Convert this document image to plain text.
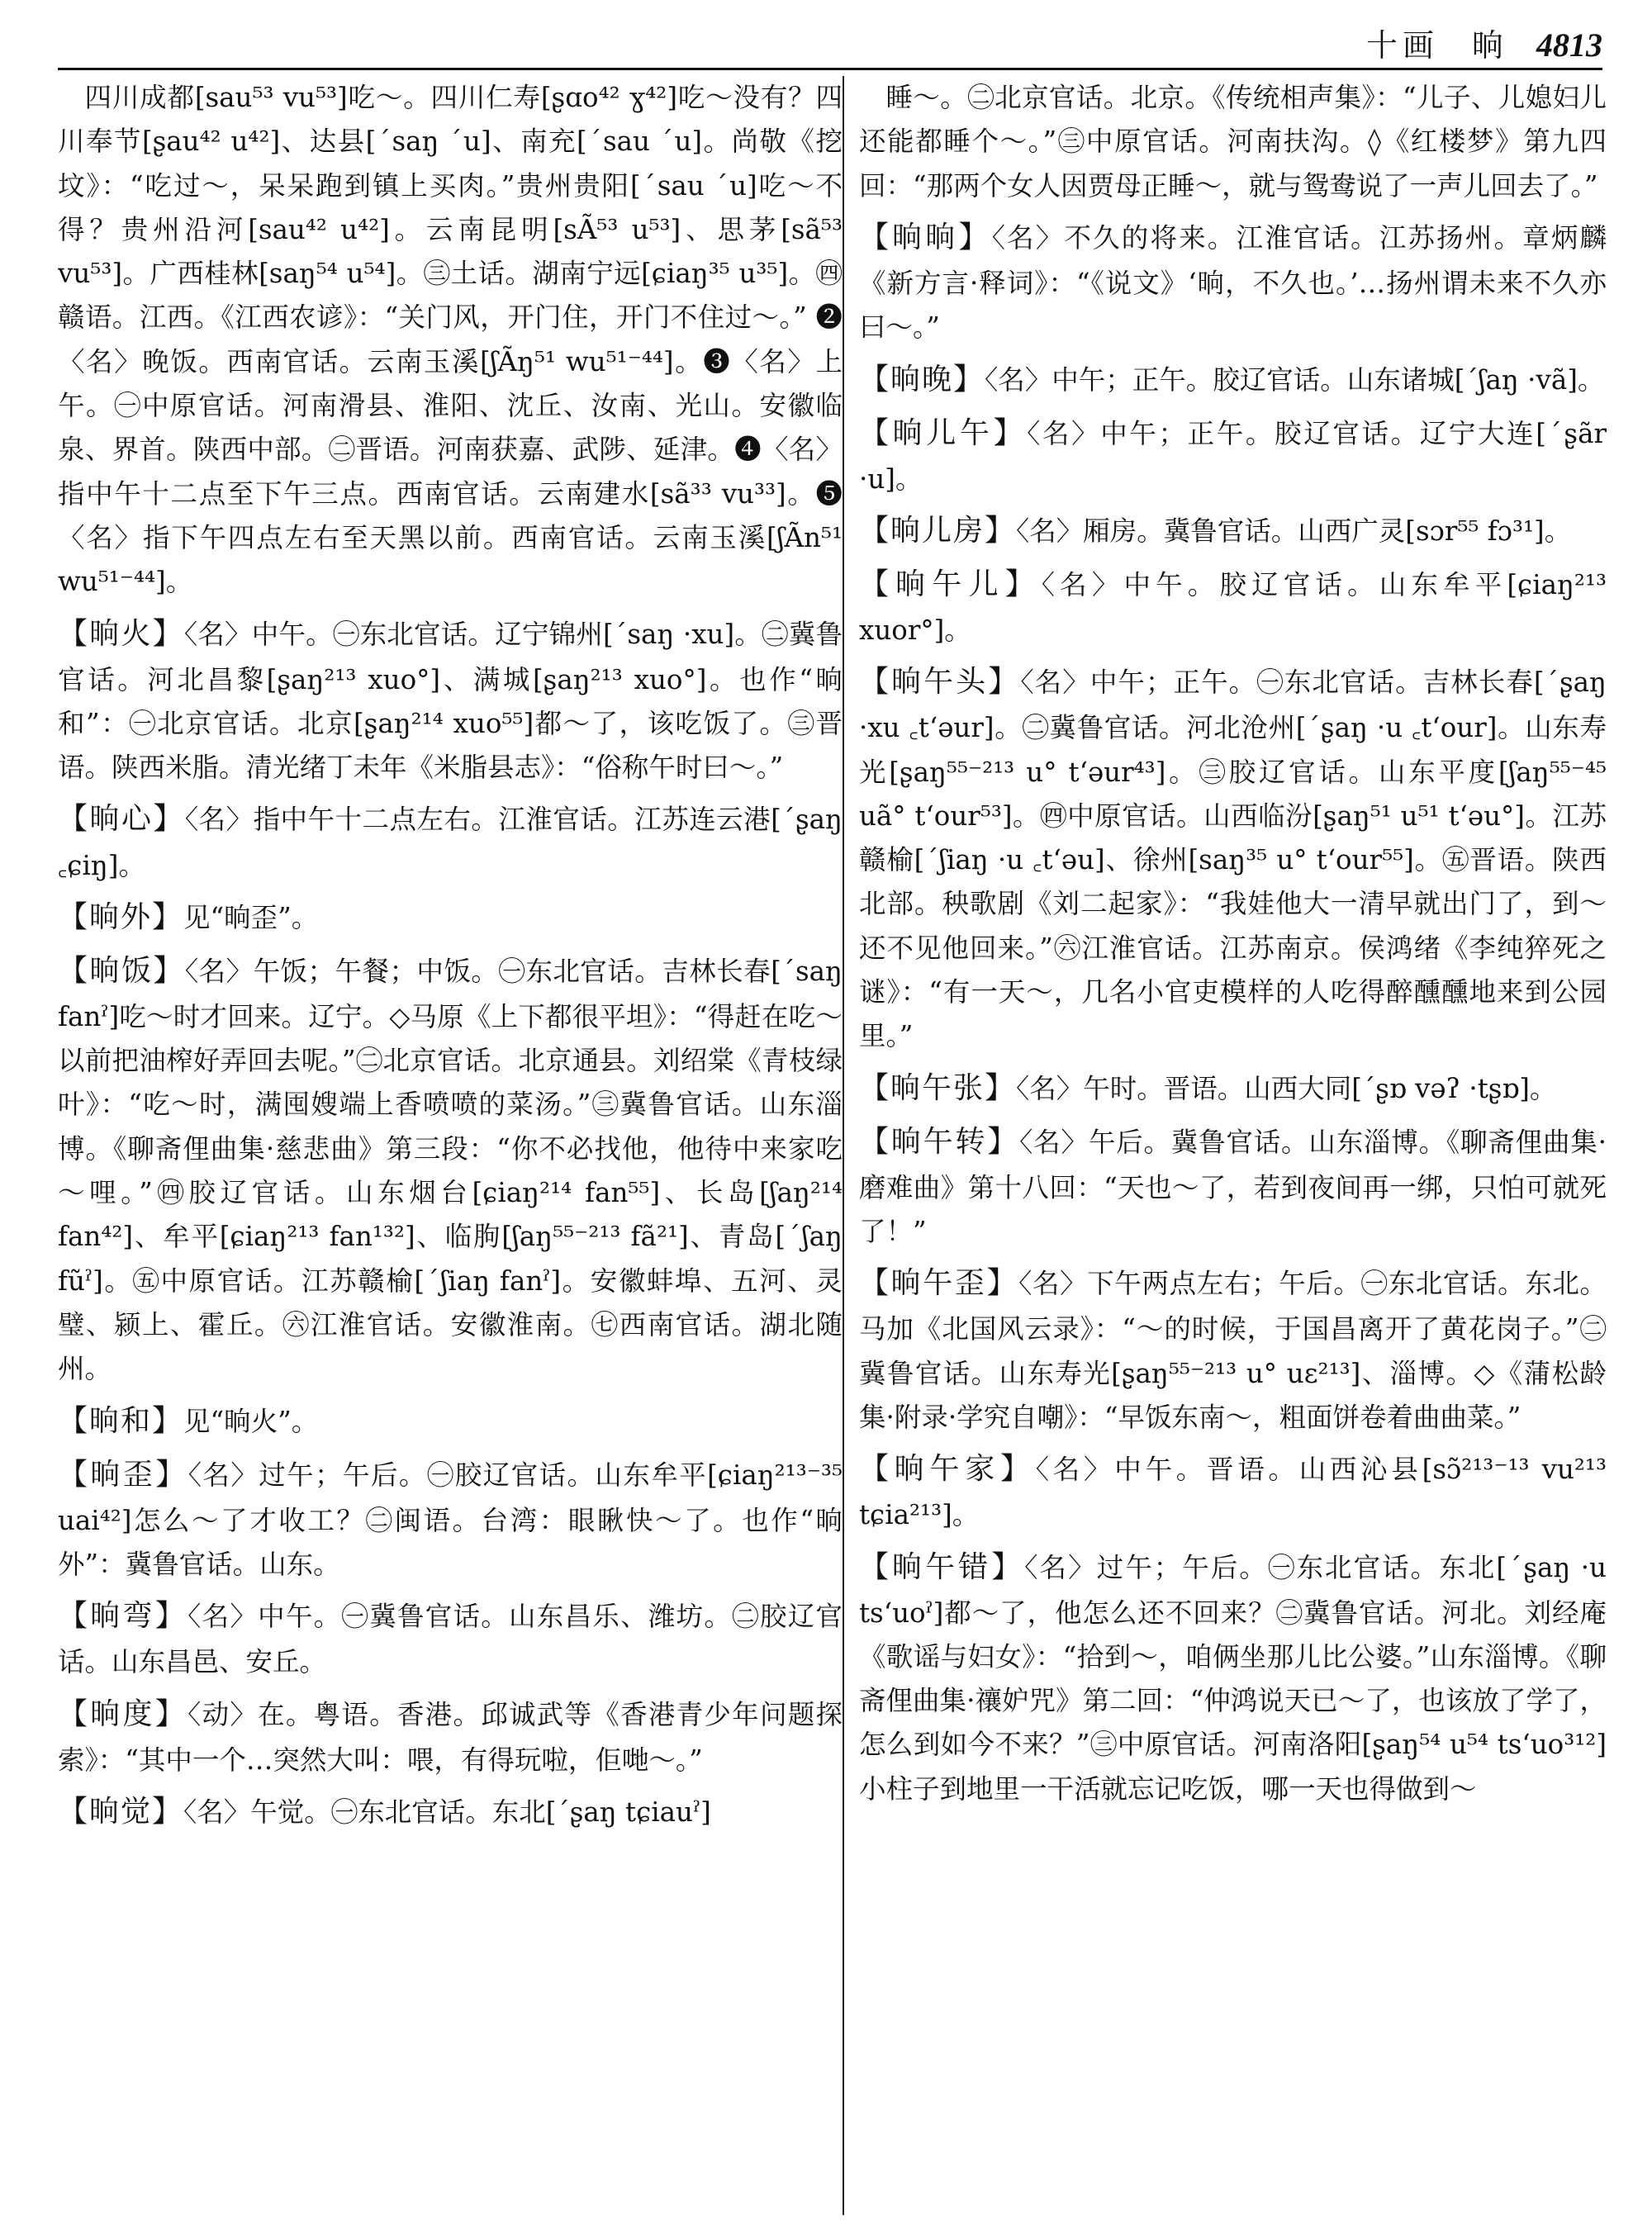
十画 晌 4813

四川成都[sau⁵³ vu⁵³]吃～。四川仁寿[ʂɑo⁴² ɣ⁴²]吃～没有？四川奉节[ʂau⁴² u⁴²]、达县[ˊsaŋ ˊu]、南充[ˊsau ˊu]。尚敬《挖坟》：“吃过～，呆呆跑到镇上买肉。”贵州贵阳[ˊsau ˊu]吃～不得？贵州沿河[sau⁴² u⁴²]。云南昆明[sÃ⁵³ u⁵³]、思茅[sã⁵³ vu⁵³]。广西桂林[saŋ⁵⁴ u⁵⁴]。㊂土话。湖南宁远[ɕiaŋ³⁵ u³⁵]。㊃赣语。江西。《江西农谚》：“关门风，开门住，开门不住过～。” ❷〈名〉晚饭。西南官话。云南玉溪[ʃÃŋ⁵¹ wu⁵¹⁻⁴⁴]。❸〈名〉上午。㊀中原官话。河南滑县、淮阳、沈丘、汝南、光山。安徽临泉、界首。陕西中部。㊁晋语。河南获嘉、武陟、延津。❹〈名〉指中午十二点至下午三点。西南官话。云南建水[sã³³ vu³³]。❺〈名〉指下午四点左右至天黑以前。西南官话。云南玉溪[ʃÃn⁵¹ wu⁵¹⁻⁴⁴]。

【晌火】〈名〉中午。㊀东北官话。辽宁锦州[ˊsaŋ ·xu]。㊁冀鲁官话。河北昌黎[ʂaŋ²¹³ xuo°]、满城[ʂaŋ²¹³ xuo°]。也作“晌和”：㊀北京官话。北京[ʂaŋ²¹⁴ xuo⁵⁵]都～了，该吃饭了。㊂晋语。陕西米脂。清光绪丁未年《米脂县志》：“俗称午时曰～。”

【晌心】〈名〉指中午十二点左右。江淮官话。江苏连云港[ˊʂaŋ ꜀ɕiŋ]。

【晌外】见“晌歪”。

【晌饭】〈名〉午饭；午餐；中饭。㊀东北官话。吉林长春[ˊsaŋ fanˀ]吃～时才回来。辽宁。◇马原《上下都很平坦》：“得赶在吃～以前把油榨好弄回去呢。”㊁北京官话。北京通县。刘绍棠《青枝绿叶》：“吃～时，满囤嫂端上香喷喷的菜汤。”㊂冀鲁官话。山东淄博。《聊斋俚曲集·慈悲曲》第三段：“你不必找他，他待中来家吃～哩。”㊃胶辽官话。山东烟台[ɕiaŋ²¹⁴ fan⁵⁵]、长岛[ʃaŋ²¹⁴ fan⁴²]、牟平[ɕiaŋ²¹³ fan¹³²]、临朐[ʃaŋ⁵⁵⁻²¹³ fã²¹]、青岛[ˊʃaŋ fũˀ]。㊄中原官话。江苏赣榆[ˊʃiaŋ fanˀ]。安徽蚌埠、五河、灵璧、颍上、霍丘。㊅江淮官话。安徽淮南。㊆西南官话。湖北随州。

【晌和】见“晌火”。

【晌歪】〈名〉过午；午后。㊀胶辽官话。山东牟平[ɕiaŋ²¹³⁻³⁵ uai⁴²]怎么～了才收工？㊁闽语。台湾：眼瞅快～了。也作“晌外”：冀鲁官话。山东。

【晌弯】〈名〉中午。㊀冀鲁官话。山东昌乐、潍坊。㊁胶辽官话。山东昌邑、安丘。

【晌度】〈动〉在。粤语。香港。邱诚武等《香港青少年问题探索》：“其中一个…突然大叫：喂，有得玩啦，佢哋～。”

【晌觉】〈名〉午觉。㊀东北官话。东北[ˊʂaŋ tɕiauˀ]

睡～。㊁北京官话。北京。《传统相声集》：“儿子、儿媳妇儿还能都睡个～。”㊂中原官话。河南扶沟。◊《红楼梦》第九四回：“那两个女人因贾母正睡～，就与鸳鸯说了一声儿回去了。”

【晌晌】〈名〉不久的将来。江淮官话。江苏扬州。章炳麟《新方言·释词》：“《说文》‘晌，不久也。’…扬州谓未来不久亦曰～。”

【晌晚】〈名〉中午；正午。胶辽官话。山东诸城[ˊʃaŋ ·vã]。

【晌儿午】〈名〉中午；正午。胶辽官话。辽宁大连[ˊʂãr ·u]。

【晌儿房】〈名〉厢房。冀鲁官话。山西广灵[sɔr⁵⁵ fɔ³¹]。

【晌午儿】〈名〉中午。胶辽官话。山东牟平[ɕiaŋ²¹³ xuor°]。

【晌午头】〈名〉中午；正午。㊀东北官话。吉林长春[ˊʂaŋ ·xu ꜀t‘əur]。㊁冀鲁官话。河北沧州[ˊʂaŋ ·u ꜀t‘our]。山东寿光[ʂaŋ⁵⁵⁻²¹³ u° t‘əur⁴³]。㊂胶辽官话。山东平度[ʃaŋ⁵⁵⁻⁴⁵ uã° t‘our⁵³]。㊃中原官话。山西临汾[ʂaŋ⁵¹ u⁵¹ t‘əu°]。江苏赣榆[ˊʃiaŋ ·u ꜀t‘əu]、徐州[saŋ³⁵ u° t‘our⁵⁵]。㊄晋语。陕西北部。秧歌剧《刘二起家》：“我娃他大一清早就出门了，到～还不见他回来。”㊅江淮官话。江苏南京。侯鸿绪《李纯猝死之谜》：“有一天～，几名小官吏模样的人吃得醉醺醺地来到公园里。”

【晌午张】〈名〉午时。晋语。山西大同[ˊʂɒ vəʔ ·tʂɒ]。

【晌午转】〈名〉午后。冀鲁官话。山东淄博。《聊斋俚曲集·磨难曲》第十八回：“天也～了，若到夜间再一绑，只怕可就死了！”

【晌午歪】〈名〉下午两点左右；午后。㊀东北官话。东北。马加《北国风云录》：“～的时候，于国昌离开了黄花岗子。”㊁冀鲁官话。山东寿光[ʂaŋ⁵⁵⁻²¹³ u° uɛ²¹³]、淄博。◇《蒲松龄集·附录·学究自嘲》：“早饭东南～，粗面饼卷着曲曲菜。”

【晌午家】〈名〉中午。晋语。山西沁县[sɔ̃²¹³⁻¹³ vu²¹³ tɕia²¹³]。

【晌午错】〈名〉过午；午后。㊀东北官话。东北[ˊʂaŋ ·u ts‘uoˀ]都～了，他怎么还不回来？㊁冀鲁官话。河北。刘经庵《歌谣与妇女》：“拾到～，咱俩坐那儿比公婆。”山东淄博。《聊斋俚曲集·禳妒咒》第二回：“仲鸿说天已～了，也该放了学了，怎么到如今不来？”㊂中原官话。河南洛阳[ʂaŋ⁵⁴ u⁵⁴ ts‘uo³¹²]小柱子到地里一干活就忘记吃饭，哪一天也得做到～
